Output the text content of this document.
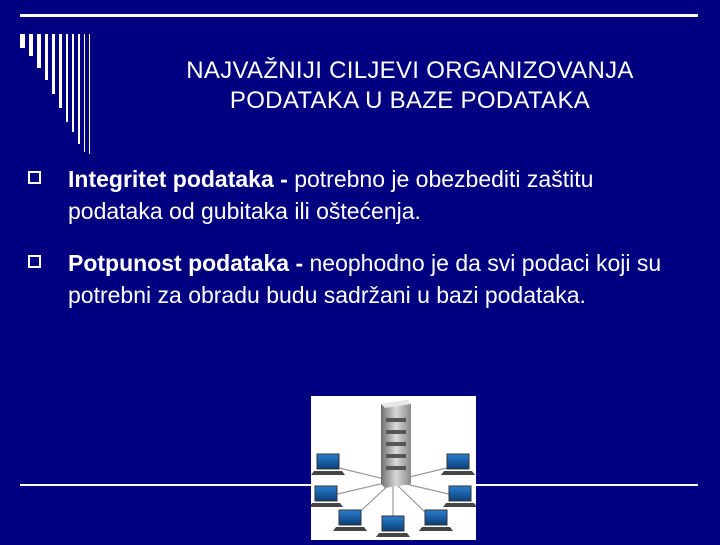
NAJVAŽNIJI CILJEVI ORGANIZOVANJA
PODATAKA U BAZE PODATAKA
Integritet podataka - potrebno je obezbediti zaštitu podataka od gubitaka ili oštećenja.
Potpunost podataka - neophodno je da svi podaci koji su potrebni za obradu budu sadržani u bazi podataka.
